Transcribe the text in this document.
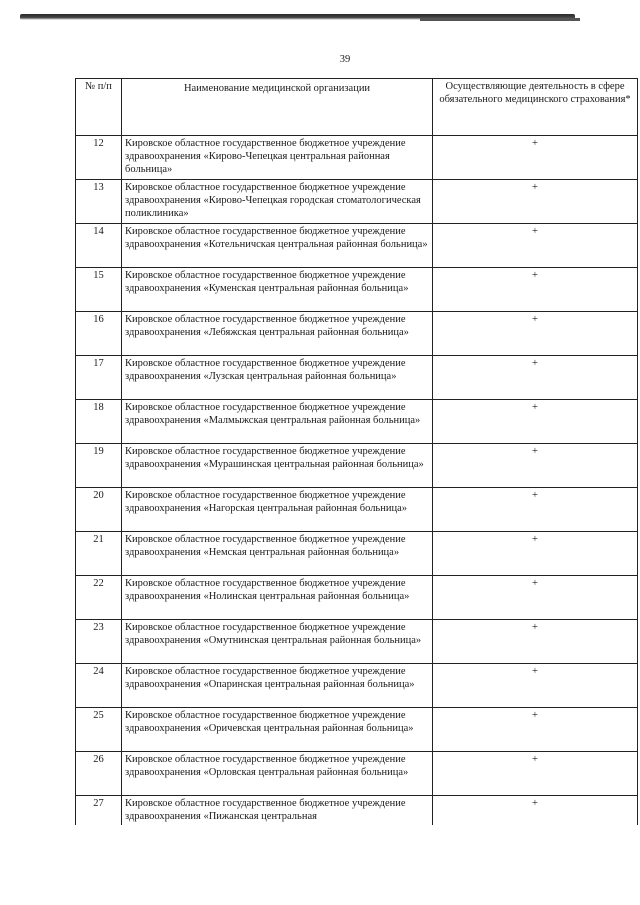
39
№ п/п	Наименование медицинской организации	Осуществляющие деятельность в сфере обязательного медицинского страхования*
12	Кировское областное государственное бюджетное учреждение здравоохранения «Кирово-Чепецкая центральная районная больница»	+
13	Кировское областное государственное бюджетное учреждение здравоохранения «Кирово-Чепецкая городская стоматологическая поликлиника»	+
14	Кировское областное государственное бюджетное учреждение здравоохранения «Котельничская центральная районная больница»	+
15	Кировское областное государственное бюджетное учреждение здравоохранения «Куменская центральная районная больница»	+
16	Кировское областное государственное бюджетное учреждение здравоохранения «Лебяжская центральная районная больница»	+
17	Кировское областное государственное бюджетное учреждение здравоохранения «Лузская центральная районная больница»	+
18	Кировское областное государственное бюджетное учреждение здравоохранения «Малмыжская центральная районная больница»	+
19	Кировское областное государственное бюджетное учреждение здравоохранения «Мурашинская центральная районная больница»	+
20	Кировское областное государственное бюджетное учреждение здравоохранения «Нагорская центральная районная больница»	+
21	Кировское областное государственное бюджетное учреждение здравоохранения «Немская центральная районная больница»	+
22	Кировское областное государственное бюджетное учреждение здравоохранения «Нолинская центральная районная больница»	+
23	Кировское областное государственное бюджетное учреждение здравоохранения «Омутнинская центральная районная больница»	+
24	Кировское областное государственное бюджетное учреждение здравоохранения «Опаринская центральная районная больница»	+
25	Кировское областное государственное бюджетное учреждение здравоохранения «Оричевская центральная районная больница»	+
26	Кировское областное государственное бюджетное учреждение здравоохранения «Орловская центральная районная больница»	+
27	Кировское областное государственное бюджетное учреждение здравоохранения «Пижанская центральная	+
